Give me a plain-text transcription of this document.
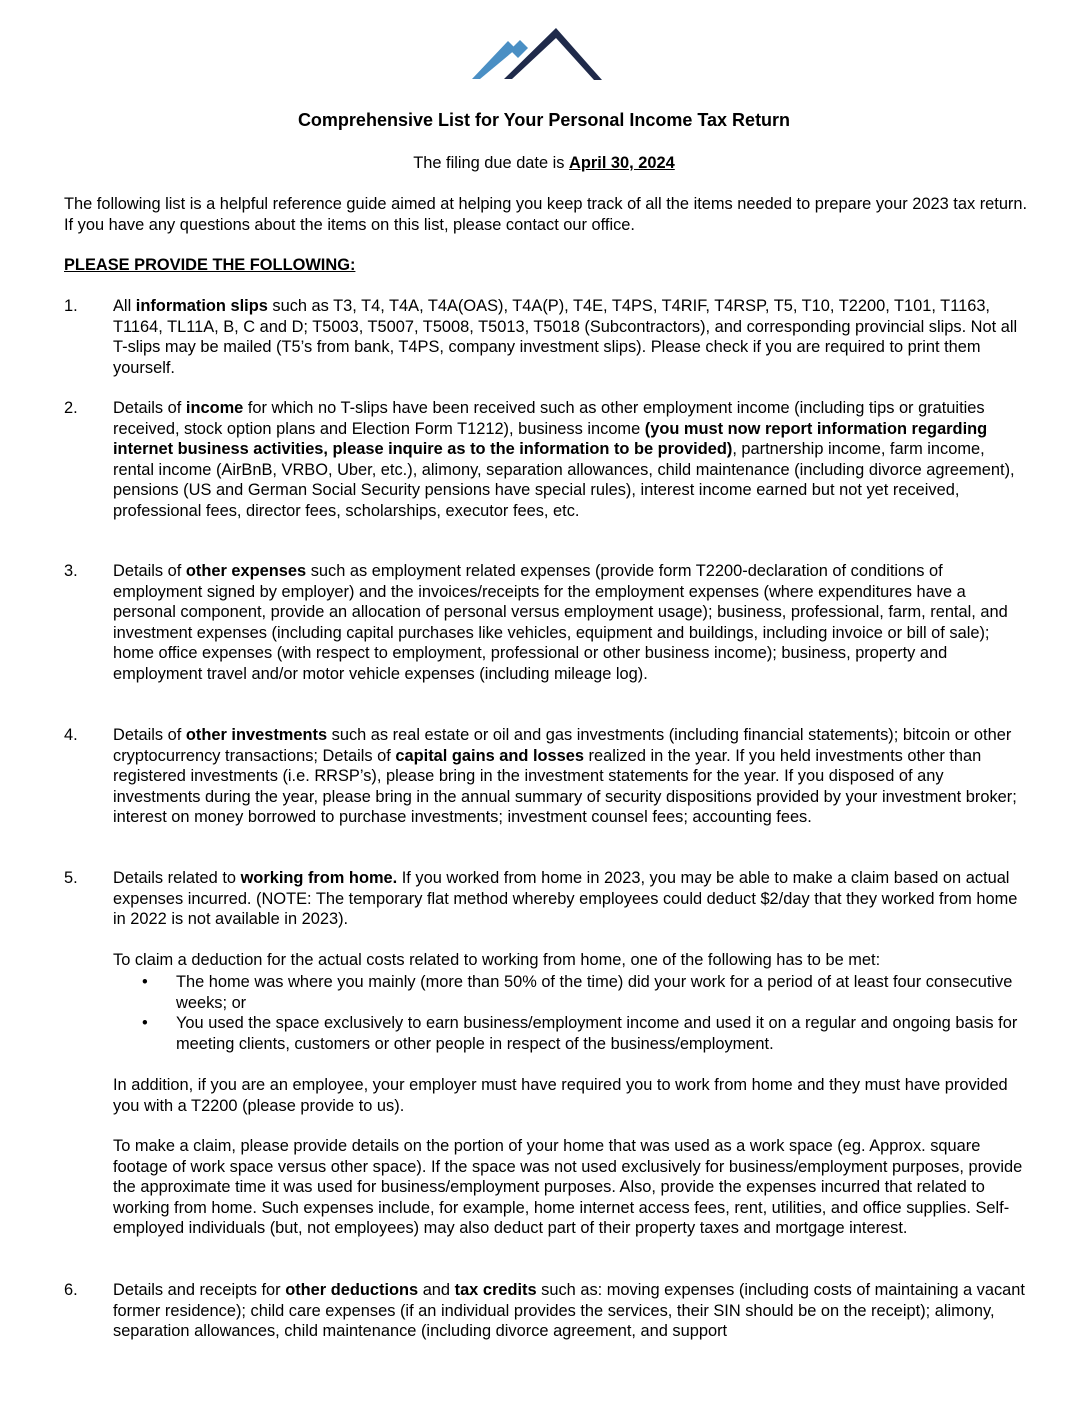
Comprehensive List for Your Personal Income Tax Return
The filing due date is April 30, 2024
The following list is a helpful reference guide aimed at helping you keep track of all the items needed to prepare your 2023 tax return. If you have any questions about the items on this list, please contact our office.
PLEASE PROVIDE THE FOLLOWING:
1.	All information slips such as T3, T4, T4A, T4A(OAS), T4A(P), T4E, T4PS, T4RIF, T4RSP, T5, T10, T2200, T101, T1163, T1164, TL11A, B, C and D; T5003, T5007, T5008, T5013, T5018 (Subcontractors), and corresponding provincial slips. Not all T-slips may be mailed (T5’s from bank, T4PS, company investment slips). Please check if you are required to print them yourself.
2.	Details of income for which no T-slips have been received such as other employment income (including tips or gratuities received, stock option plans and Election Form T1212), business income (you must now report information regarding internet business activities, please inquire as to the information to be provided), partnership income, farm income, rental income (AirBnB, VRBO, Uber, etc.), alimony, separation allowances, child maintenance (including divorce agreement), pensions (US and German Social Security pensions have special rules), interest income earned but not yet received, professional fees, director fees, scholarships, executor fees, etc.
3.	Details of other expenses such as employment related expenses (provide form T2200-declaration of conditions of employment signed by employer) and the invoices/receipts for the employment expenses (where expenditures have a personal component, provide an allocation of personal versus employment usage); business, professional, farm, rental, and investment expenses (including capital purchases like vehicles, equipment and buildings, including invoice or bill of sale); home office expenses (with respect to employment, professional or other business income); business, property and employment travel and/or motor vehicle expenses (including mileage log).
4.	Details of other investments such as real estate or oil and gas investments (including financial statements); bitcoin or other cryptocurrency transactions; Details of capital gains and losses realized in the year. If you held investments other than registered investments (i.e. RRSP’s), please bring in the investment statements for the year. If you disposed of any investments during the year, please bring in the annual summary of security dispositions provided by your investment broker; interest on money borrowed to purchase investments; investment counsel fees; accounting fees.
5.	Details related to working from home. If you worked from home in 2023, you may be able to make a claim based on actual expenses incurred. (NOTE: The temporary flat method whereby employees could deduct $2/day that they worked from home in 2022 is not available in 2023).
To claim a deduction for the actual costs related to working from home, one of the following has to be met:
• The home was where you mainly (more than 50% of the time) did your work for a period of at least four consecutive weeks; or
• You used the space exclusively to earn business/employment income and used it on a regular and ongoing basis for meeting clients, customers or other people in respect of the business/employment.
In addition, if you are an employee, your employer must have required you to work from home and they must have provided you with a T2200 (please provide to us).
To make a claim, please provide details on the portion of your home that was used as a work space (eg. Approx. square footage of work space versus other space). If the space was not used exclusively for business/employment purposes, provide the approximate time it was used for business/employment purposes. Also, provide the expenses incurred that related to working from home. Such expenses include, for example, home internet access fees, rent, utilities, and office supplies. Self-employed individuals (but, not employees) may also deduct part of their property taxes and mortgage interest.
6.	Details and receipts for other deductions and tax credits such as: moving expenses (including costs of maintaining a vacant former residence); child care expenses (if an individual provides the services, their SIN should be on the receipt); alimony, separation allowances, child maintenance (including divorce agreement, and support
